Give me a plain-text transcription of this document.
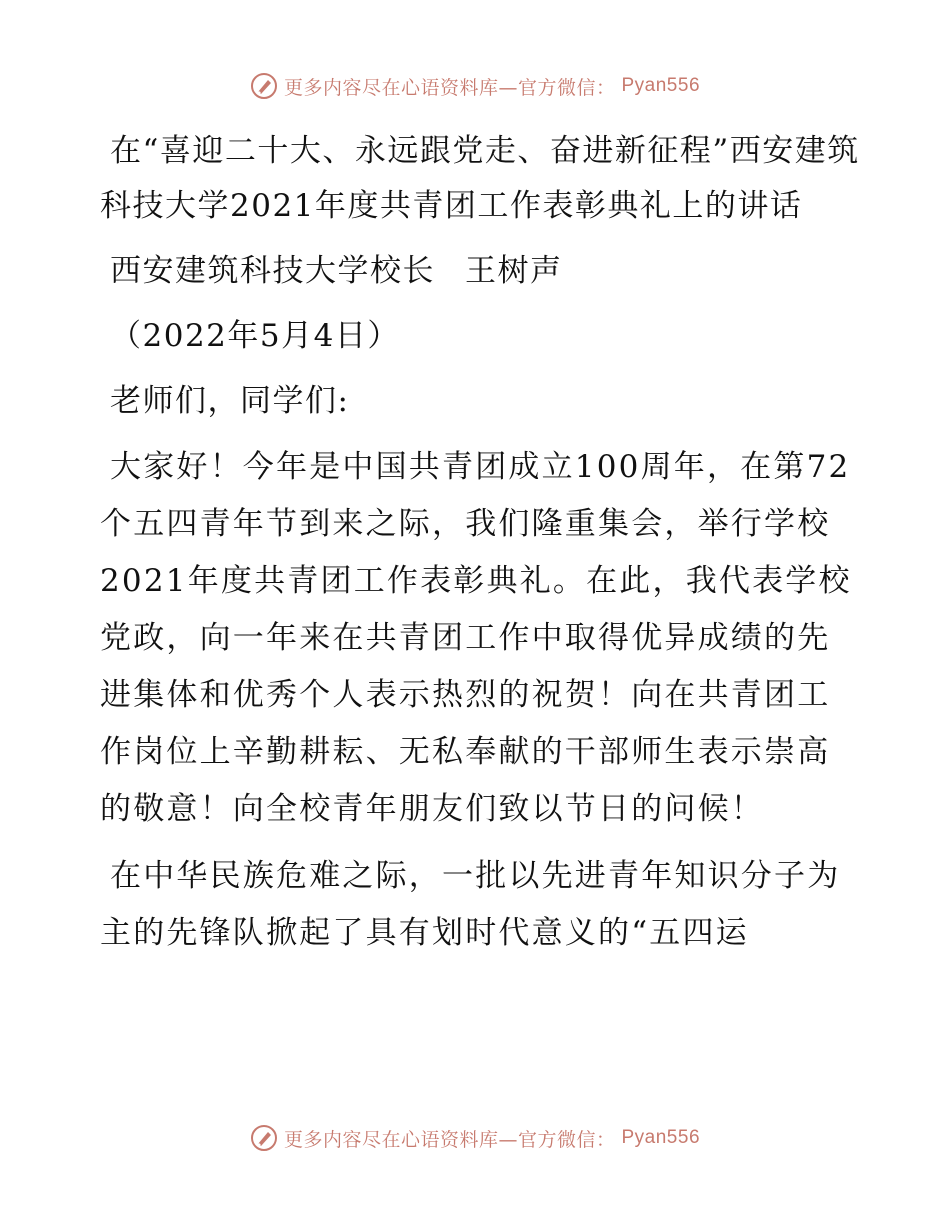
更多内容尽在心语资料库—官方微信： Pyan556
在“喜迎二十大、永远跟党走、奋进新征程”西安建筑科技大学2021年度共青团工作表彰典礼上的讲话

西安建筑科技大学校长 王树声

（2022年5月4日）

老师们，同学们:

大家好！今年是中国共青团成立100周年，在第72个五四青年节到来之际，我们隆重集会，举行学校2021年度共青团工作表彰典礼。在此，我代表学校党政，向一年来在共青团工作中取得优异成绩的先进集体和优秀个人表示热烈的祝贺！向在共青团工作岗位上辛勤耕耘、无私奉献的干部师生表示崇高的敬意！向全校青年朋友们致以节日的问候！

在中华民族危难之际，一批以先进青年知识分子为主的先锋队掀起了具有划时代意义的“五四运

更多内容尽在心语资料库—官方微信： Pyan556
